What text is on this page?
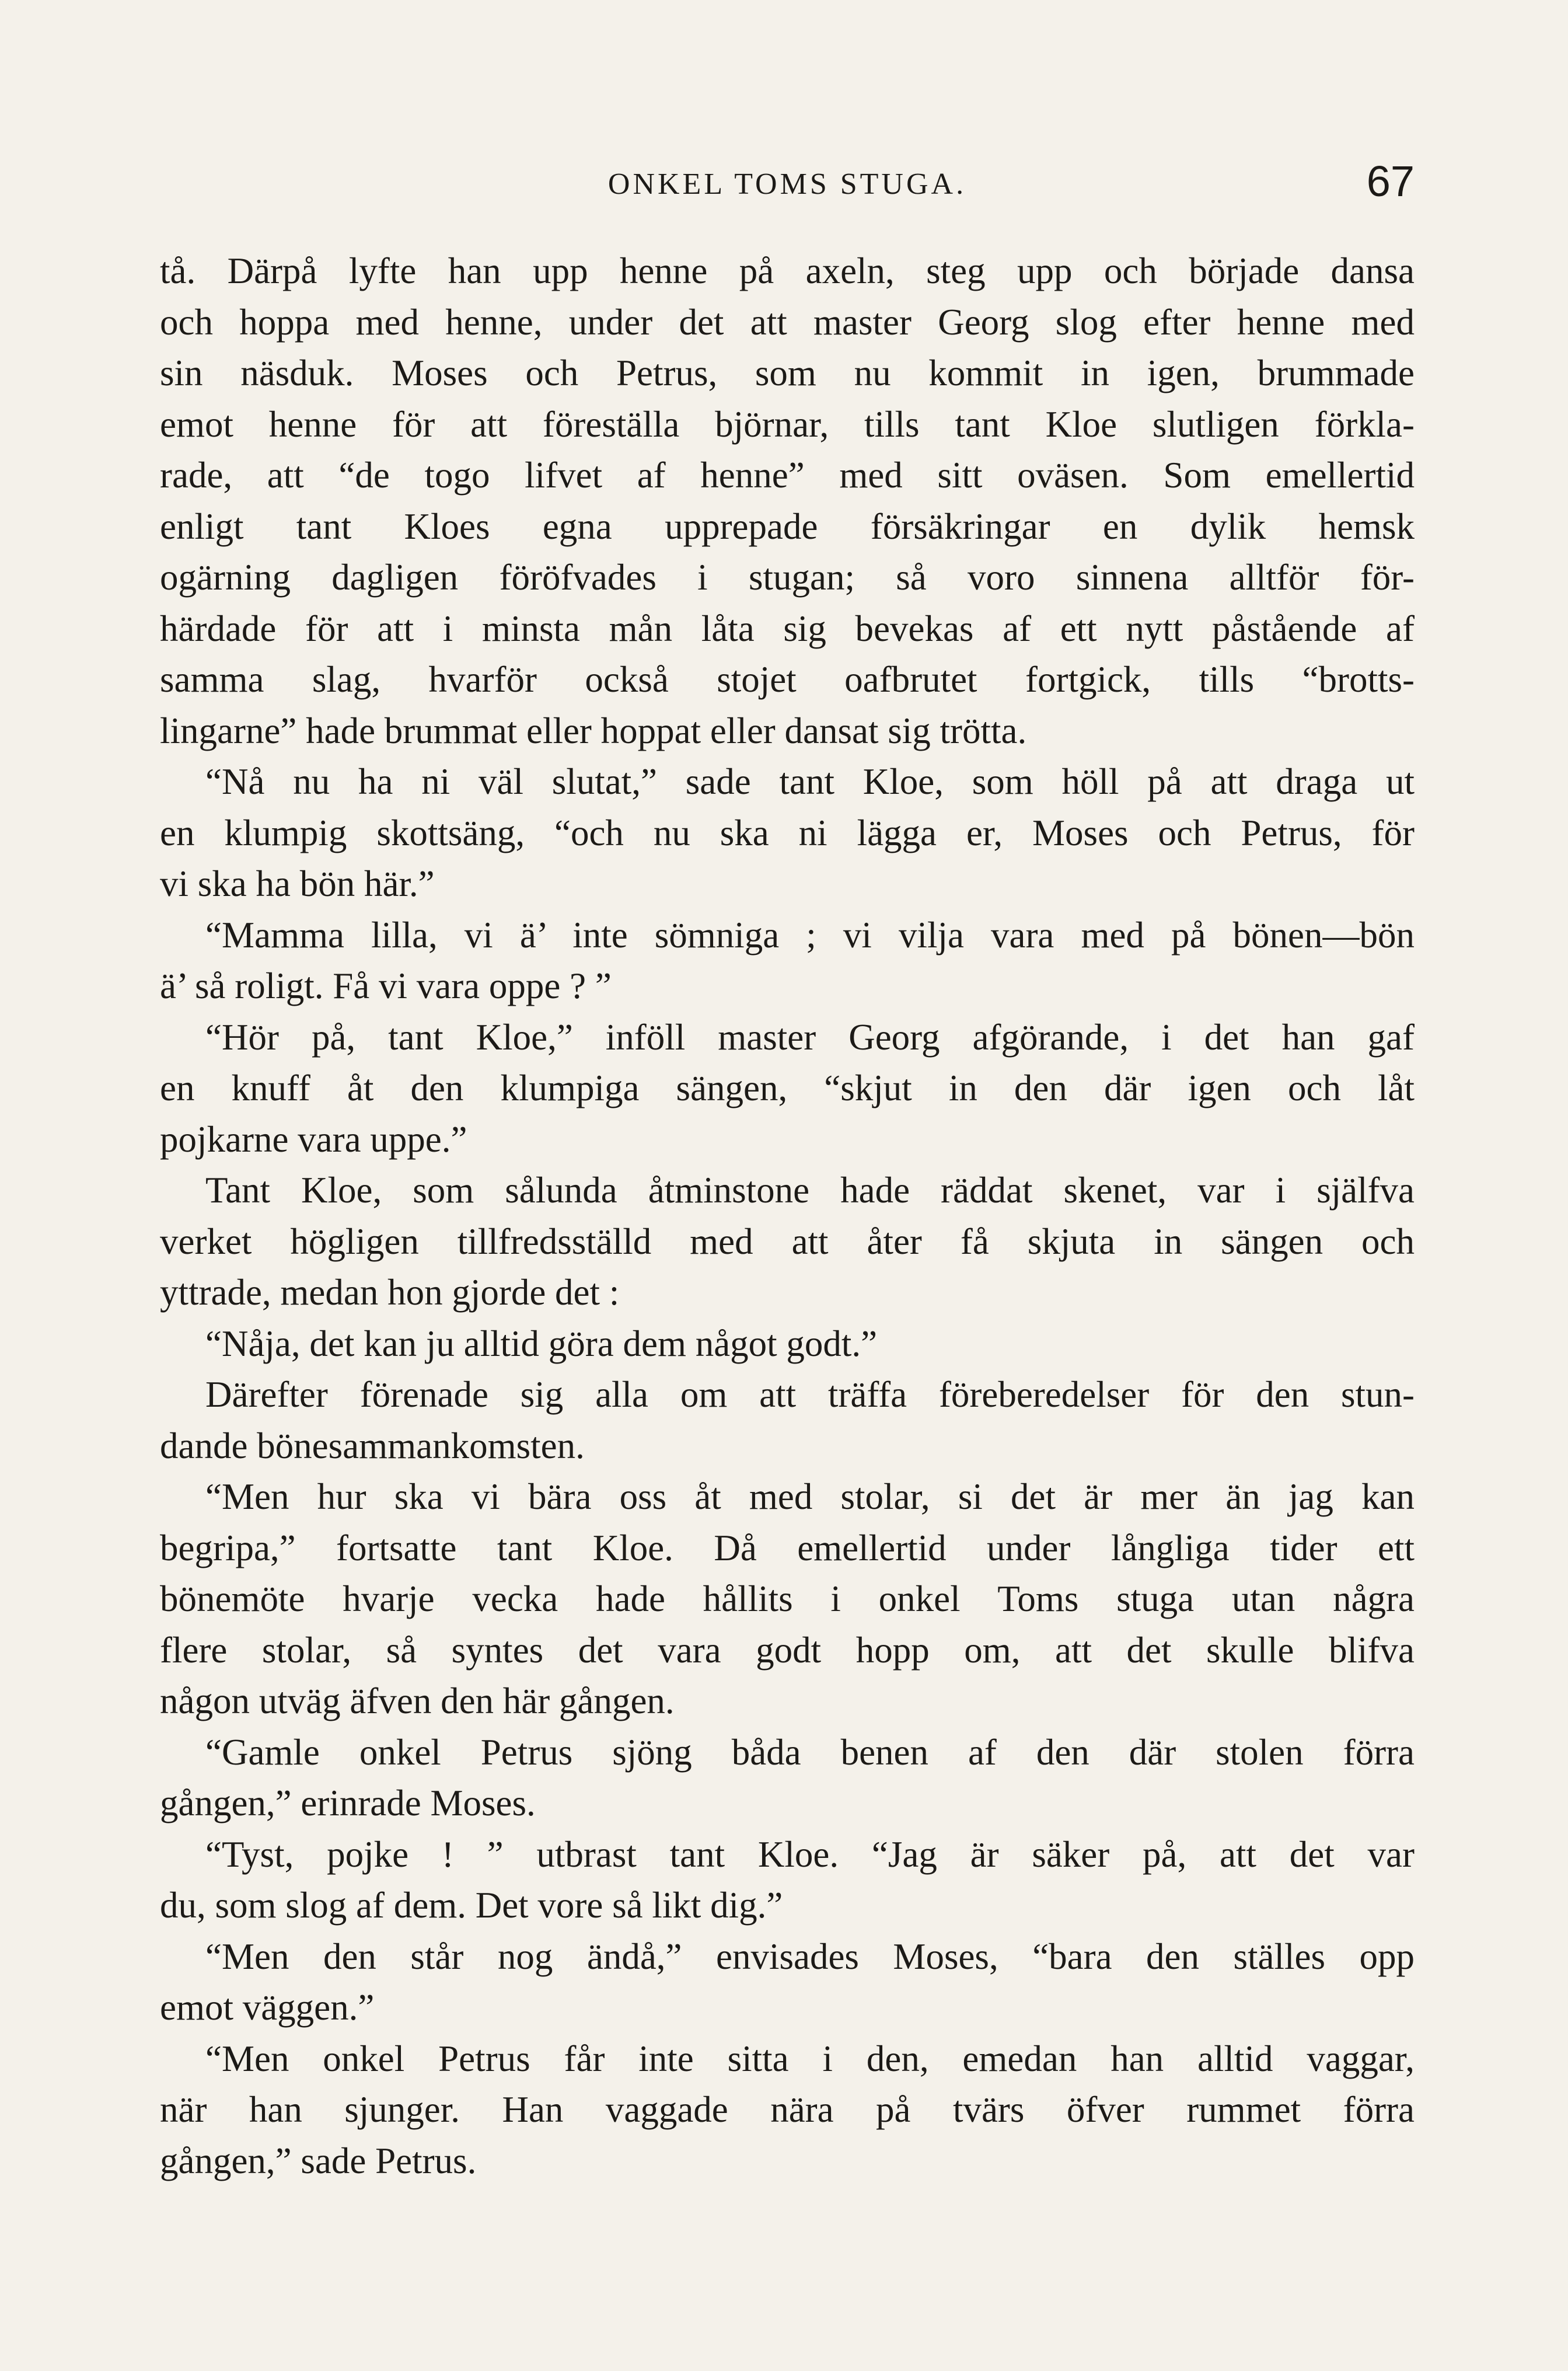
ONKEL TOMS STUGA.	67
tå. Därpå lyfte han upp henne på axeln, steg upp och började dansa
och hoppa med henne, under det att master Georg slog efter henne med
sin näsduk. Moses och Petrus, som nu kommit in igen, brummade
emot henne för att föreställa björnar, tills tant Kloe slutligen förkla-
rade, att “de togo lifvet af henne” med sitt oväsen. Som emellertid
enligt tant Kloes egna upprepade försäkringar en dylik hemsk
ogärning dagligen föröfvades i stugan; så voro sinnena alltför för-
härdade för att i minsta mån låta sig bevekas af ett nytt påstående af
samma slag, hvarför också stojet oafbrutet fortgick, tills “brotts-
lingarne” hade brummat eller hoppat eller dansat sig trötta.
“Nå nu ha ni väl slutat,” sade tant Kloe, som höll på att draga ut
en klumpig skottsäng, “och nu ska ni lägga er, Moses och Petrus, för
vi ska ha bön här.”
“Mamma lilla, vi ä’ inte sömniga ; vi vilja vara med på bönen—bön
ä’ så roligt. Få vi vara oppe ? ”
“Hör på, tant Kloe,” inföll master Georg afgörande, i det han gaf
en knuff åt den klumpiga sängen, “skjut in den där igen och låt
pojkarne vara uppe.”
Tant Kloe, som sålunda åtminstone hade räddat skenet, var i själfva
verket högligen tillfredsställd med att åter få skjuta in sängen och
yttrade, medan hon gjorde det :
“Nåja, det kan ju alltid göra dem något godt.”
Därefter förenade sig alla om att träffa föreberedelser för den stun-
dande bönesammankomsten.
“Men hur ska vi bära oss åt med stolar, si det är mer än jag kan
begripa,” fortsatte tant Kloe. Då emellertid under långliga tider ett
bönemöte hvarje vecka hade hållits i onkel Toms stuga utan några
flere stolar, så syntes det vara godt hopp om, att det skulle blifva
någon utväg äfven den här gången.
“Gamle onkel Petrus sjöng båda benen af den där stolen förra
gången,” erinrade Moses.
“Tyst, pojke ! ” utbrast tant Kloe. “Jag är säker på, att det var
du, som slog af dem. Det vore så likt dig.”
“Men den står nog ändå,” envisades Moses, “bara den ställes opp
emot väggen.”
“Men onkel Petrus får inte sitta i den, emedan han alltid vaggar,
när han sjunger. Han vaggade nära på tvärs öfver rummet förra
gången,” sade Petrus.
